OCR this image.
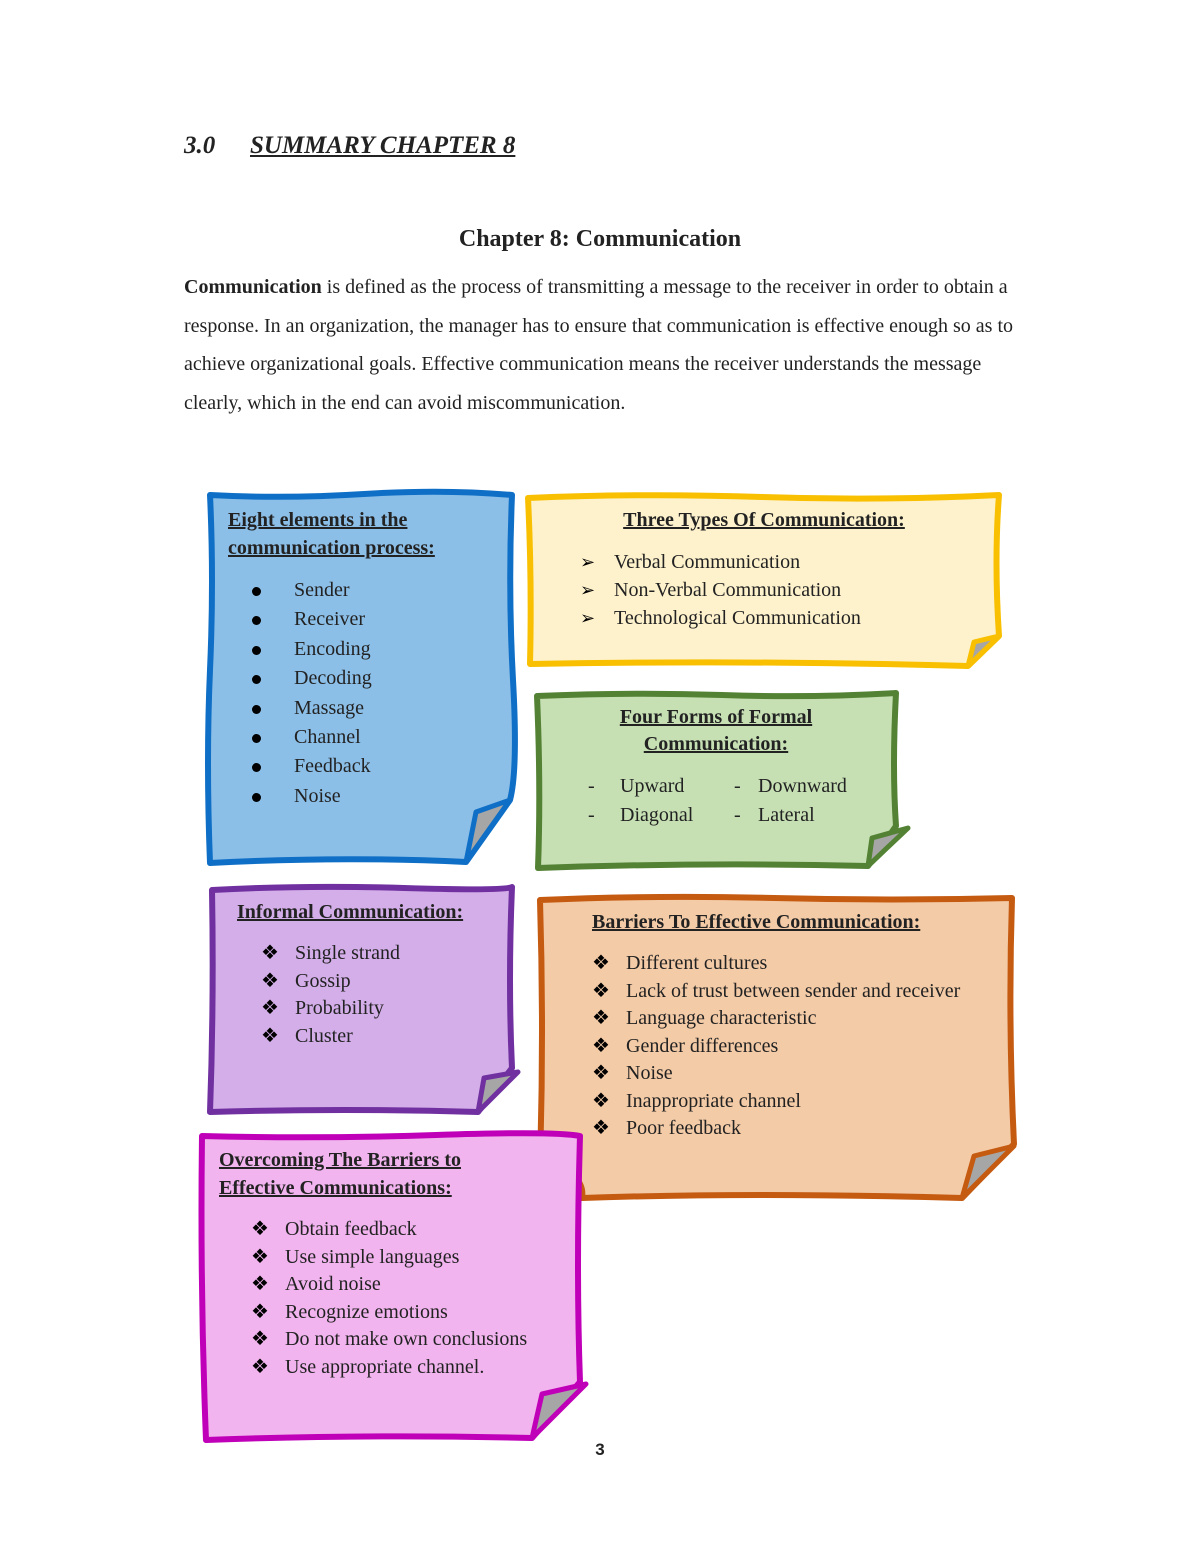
3.0 SUMMARY CHAPTER 8
Chapter 8: Communication

Communication is defined as the process of transmitting a message to the receiver in order to obtain a response. In an organization, the manager has to ensure that communication is effective enough so as to achieve organizational goals. Effective communication means the receiver understands the message clearly, which in the end can avoid miscommunication.

Eight elements in the
communication process:
Sender
Receiver
Encoding
Decoding
Massage
Channel
Feedback
Noise
Three Types Of Communication:
➢ Verbal Communication
➢ Non-Verbal Communication
➢ Technological Communication
Four Forms of Formal
Communication:
- Upward - Downward
- Diagonal - Lateral
Informal Communication:
❖ Single strand
❖ Gossip
❖ Probability
❖ Cluster
Barriers To Effective Communication:
❖ Different cultures
❖ Lack of trust between sender and receiver
❖ Language characteristic
❖ Gender differences
❖ Noise
❖ Inappropriate channel
❖ Poor feedback
Overcoming The Barriers to
Effective Communications:
❖ Obtain feedback
❖ Use simple languages
❖ Avoid noise
❖ Recognize emotions
❖ Do not make own conclusions
❖ Use appropriate channel.
3
